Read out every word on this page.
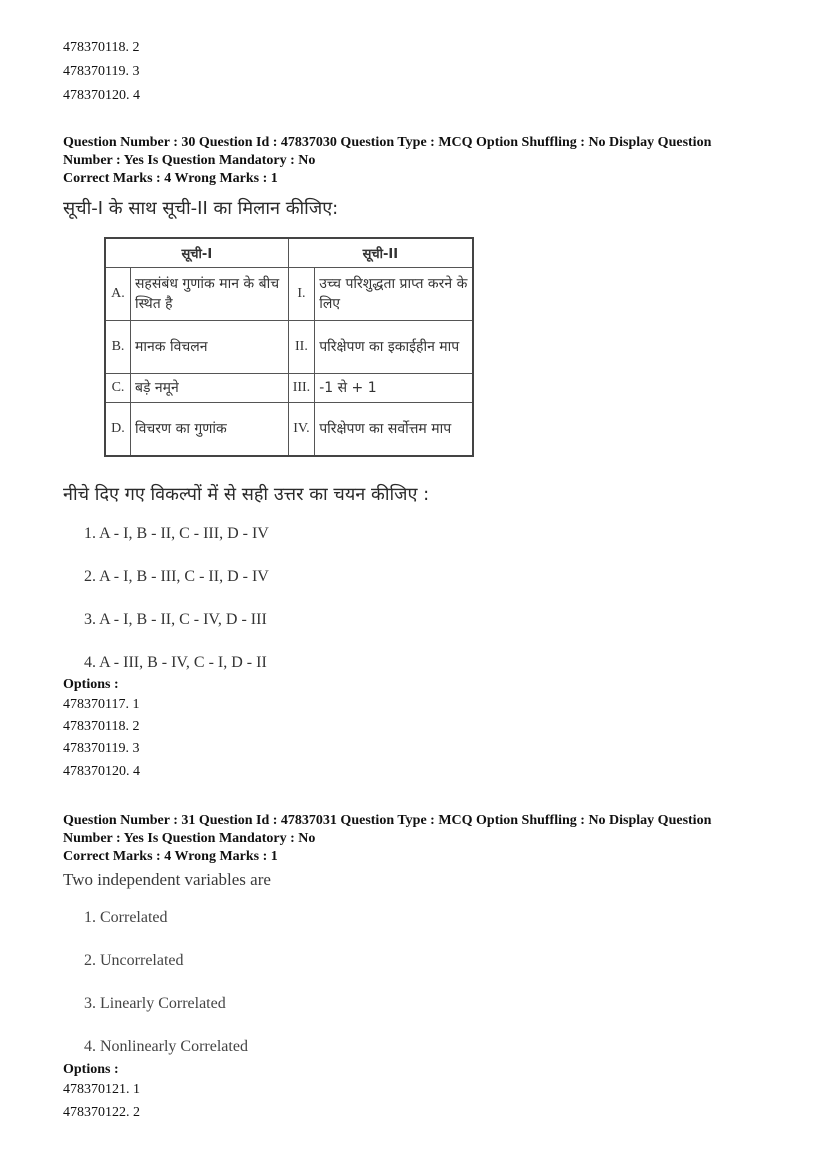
478370118. 2
478370119. 3
478370120. 4
Question Number : 30 Question Id : 47837030 Question Type : MCQ Option Shuffling : No Display Question
Number : Yes Is Question Mandatory : No
Correct Marks : 4 Wrong Marks : 1
सूची-I के साथ सूची-II का मिलान कीजिए:
सूची-I		सूची-II	
A.	सहसंबंध गुणांक मान के बीच स्थित है	I.	उच्च परिशुद्धता प्राप्त करने के लिए
B.	मानक विचलन	II.	परिक्षेपण का इकाईहीन माप
C.	बड़े नमूने	III.	-1 से + 1
D.	विचरण का गुणांक	IV.	परिक्षेपण का सर्वोत्तम माप
नीचे दिए गए विकल्पों में से सही उत्तर का चयन कीजिए :
1. A - I, B - II, C - III, D - IV
2. A - I, B - III, C - II, D - IV
3. A - I, B - II, C - IV, D - III
4. A - III, B - IV, C - I, D - II
Options :
478370117. 1
478370118. 2
478370119. 3
478370120. 4
Question Number : 31 Question Id : 47837031 Question Type : MCQ Option Shuffling : No Display Question
Number : Yes Is Question Mandatory : No
Correct Marks : 4 Wrong Marks : 1
Two independent variables are
1. Correlated
2. Uncorrelated
3. Linearly Correlated
4. Nonlinearly Correlated
Options :
478370121. 1
478370122. 2
